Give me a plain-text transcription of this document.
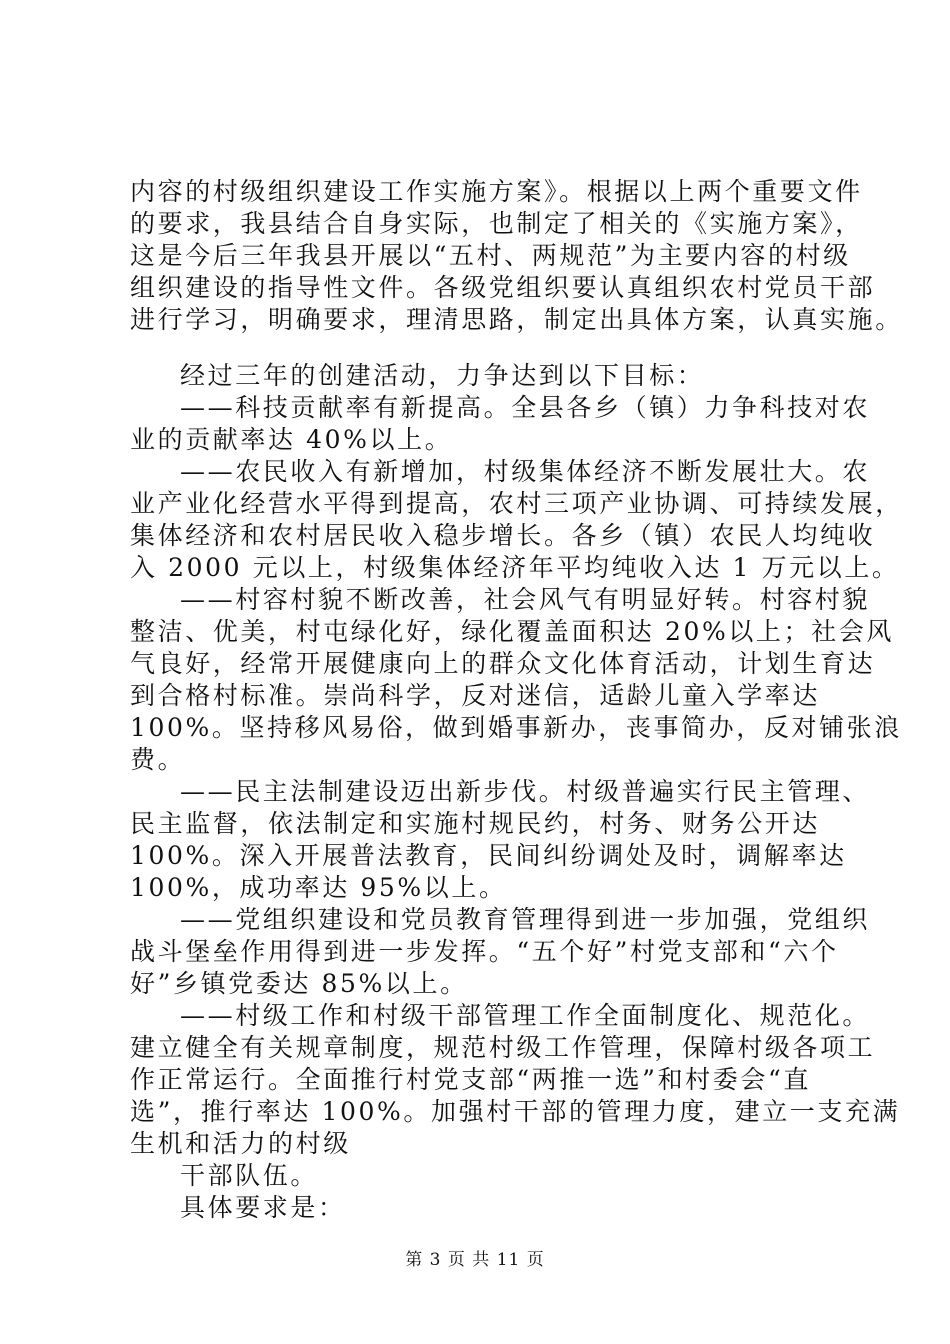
内容的村级组织建设工作实施方案》。根据以上两个重要文件
的要求，我县结合自身实际，也制定了相关的《实施方案》，
这是今后三年我县开展以“五村、两规范”为主要内容的村级
组织建设的指导性文件。各级党组织要认真组织农村党员干部
进行学习，明确要求，理清思路，制定出具体方案，认真实施。
经过三年的创建活动，力争达到以下目标：
——科技贡献率有新提高。全县各乡（镇）力争科技对农
业的贡献率达 40%以上。
——农民收入有新增加，村级集体经济不断发展壮大。农
业产业化经营水平得到提高，农村三项产业协调、可持续发展，
集体经济和农村居民收入稳步增长。各乡（镇）农民人均纯收
入 2000 元以上，村级集体经济年平均纯收入达 1 万元以上。
——村容村貌不断改善，社会风气有明显好转。村容村貌
整洁、优美，村屯绿化好，绿化覆盖面积达 20%以上；社会风
气良好，经常开展健康向上的群众文化体育活动，计划生育达
到合格村标准。崇尚科学，反对迷信，适龄儿童入学率达
100%。坚持移风易俗，做到婚事新办，丧事简办，反对铺张浪
费。
——民主法制建设迈出新步伐。村级普遍实行民主管理、
民主监督，依法制定和实施村规民约，村务、财务公开达
100%。深入开展普法教育，民间纠纷调处及时，调解率达
100%，成功率达 95%以上。
——党组织建设和党员教育管理得到进一步加强，党组织
战斗堡垒作用得到进一步发挥。“五个好”村党支部和“六个
好”乡镇党委达 85%以上。
——村级工作和村级干部管理工作全面制度化、规范化。
建立健全有关规章制度，规范村级工作管理，保障村级各项工
作正常运行。全面推行村党支部“两推一选”和村委会“直
选”，推行率达 100%。加强村干部的管理力度，建立一支充满
生机和活力的村级
干部队伍。
具体要求是：
第 3 页 共 11 页
